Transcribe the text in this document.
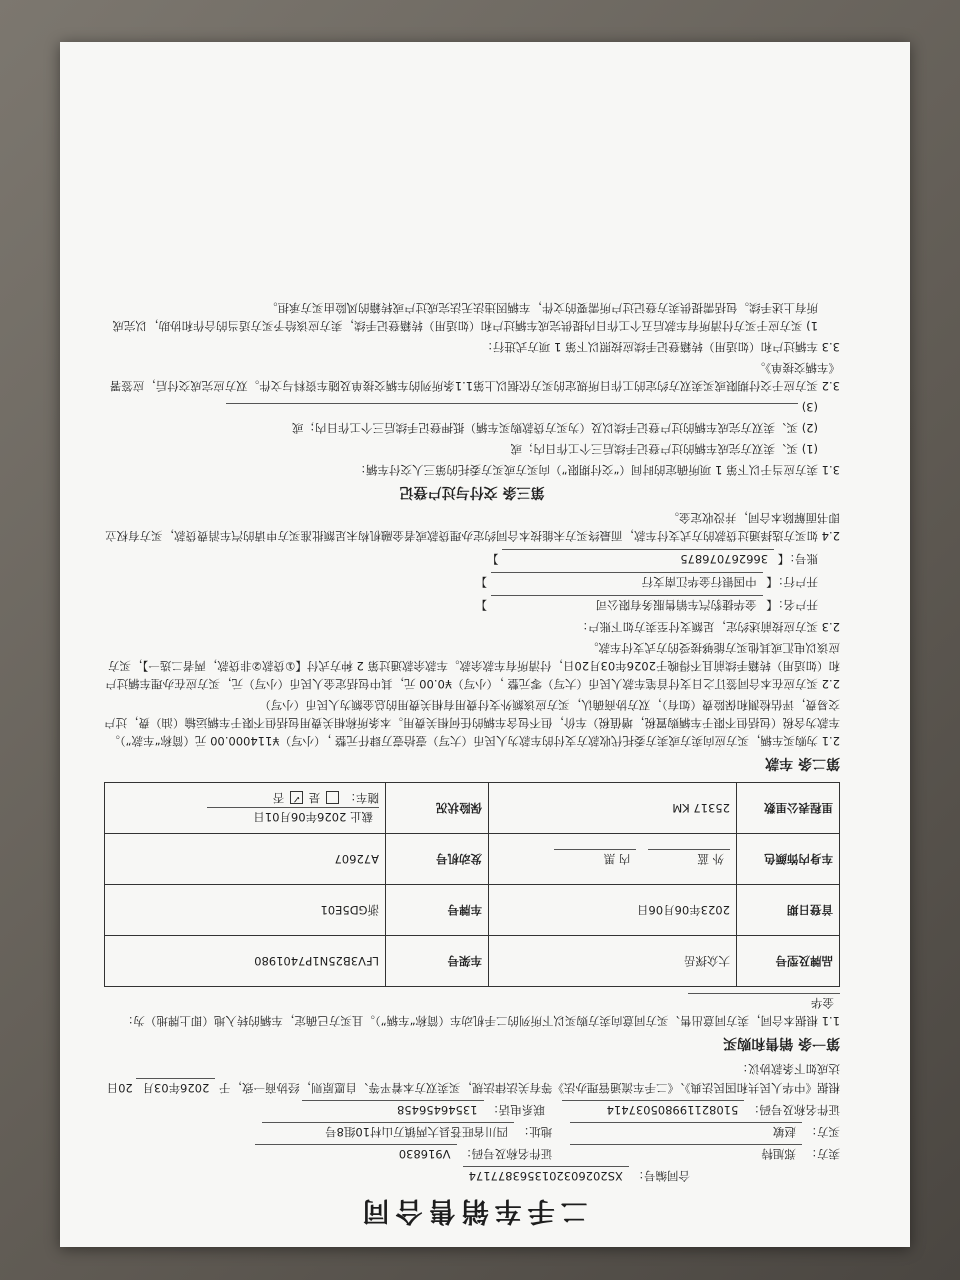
二手车销售合同
合同编号： XS2026032013563877174
卖方： 郑旭特 证件名称及号码： V916830
买方： 赵敏 地址： 四川省旺苍县大两镇万山村10组8号
证件名称及号码： 510821199805037414 联系电话： 13546456458
根据《中华人民共和国民法典》、《二手车流通管理办法》等有关法律法规，买卖双方本着平等、自愿原则，经协商一致，于 2026年03月 20日 达成如下条款协议：
第一条 销售和购买
1.1 根据本合同，卖方同意出售、买方同意向卖方购买以下所列的二手机动车（简称“车辆”）。且买方已确定，车辆的转入地（即上牌地）为： 金华
品牌及型号	大众探岳	车架号	LFV3B25N1P7401980
首登日期	2023年06月06日	车牌号	浙GD5E01
车身内饰颜色	外 蓝 内 黑	发动机号	A72607
里程表公里数	25317 KM	保险状况	截止 2026年06月01日
随车：  是 ✓ 否
第二条 车款
2.1 为购买车辆，买方应向卖方或卖方委托代收款方支付的车款为人民币（大写）壹拾壹万肆仟元整 ，（小写）¥114000.00 元（简称“车款”）。车款为含税（包括但不限于车辆购置税，增值税）车价，但不包含车辆的任何相关费用。本条所称相关费用包括但不限于车辆运输（油）费，过户交易费，评估检测和保险费（如有），双方协商确认，买方应该额外支付费用有相关费用的总金额为人民币（小写）
2.2 买方应在本合同签订之日支付首笔车款人民币（大写）零元整 ，（小写）¥0.00 元，其中包括定金人民币（小写）元，买方应在办理车辆过户和（如适用）转籍手续前且不得晚于2026年03月20日，付清所有车款余款。车款余款通过第 2 种方式付【①贷款②非贷款，两者二选一】，买方应该以电汇或其他买方能够接受的方式支付车款。
2.3 买方应按前述约定，足额支付至卖方如下账户：
开户名：【 金华捷豹汽车销售服务有限公司 】
开户行：【 中国银行金华江南支行 】
账号：【 366267076875 】
2.4 如买方选择通过贷款的方式支付车款，而最终买方未能按本合同约定办理贷款或者金融机构未足额批准买方申请的汽车消费贷款，买方有权立即书面解除本合同，并没收定金。
第三条 交付与过户登记
3.1 卖方应当于以下第 1 项所确定的时间（“交付期限”）向买方或买方委托的第三人交付车辆：
(1) 买、卖双方完成车辆的过户登记手续后三个工作日内；或
(2) 买、卖双方完成车辆的过户登记手续以及（为买方贷款购买车辆）抵押登记手续后三个工作日内；或
(3)
3.2 买方应于交付期限或买卖双方约定的工作日所规定的买方依据以上第1.1条所列的车辆交接单及随车资料与文件。双方应完成交付后，应签署《车辆交接单》。
3.3 车辆过户和（如适用）转籍登记手续应按照以下第 1 项方式进行：
1) 买方应于买方付清所有车款后五个工作日内提供完成车辆过户和（如适用）转籍登记手续，卖方应该给予买方适当的合作和协助，以完成所有上述手续。包括需提供卖方登记过户所需要的文件，车辆因违法无法完成过户或转籍的风险由买方承担。
